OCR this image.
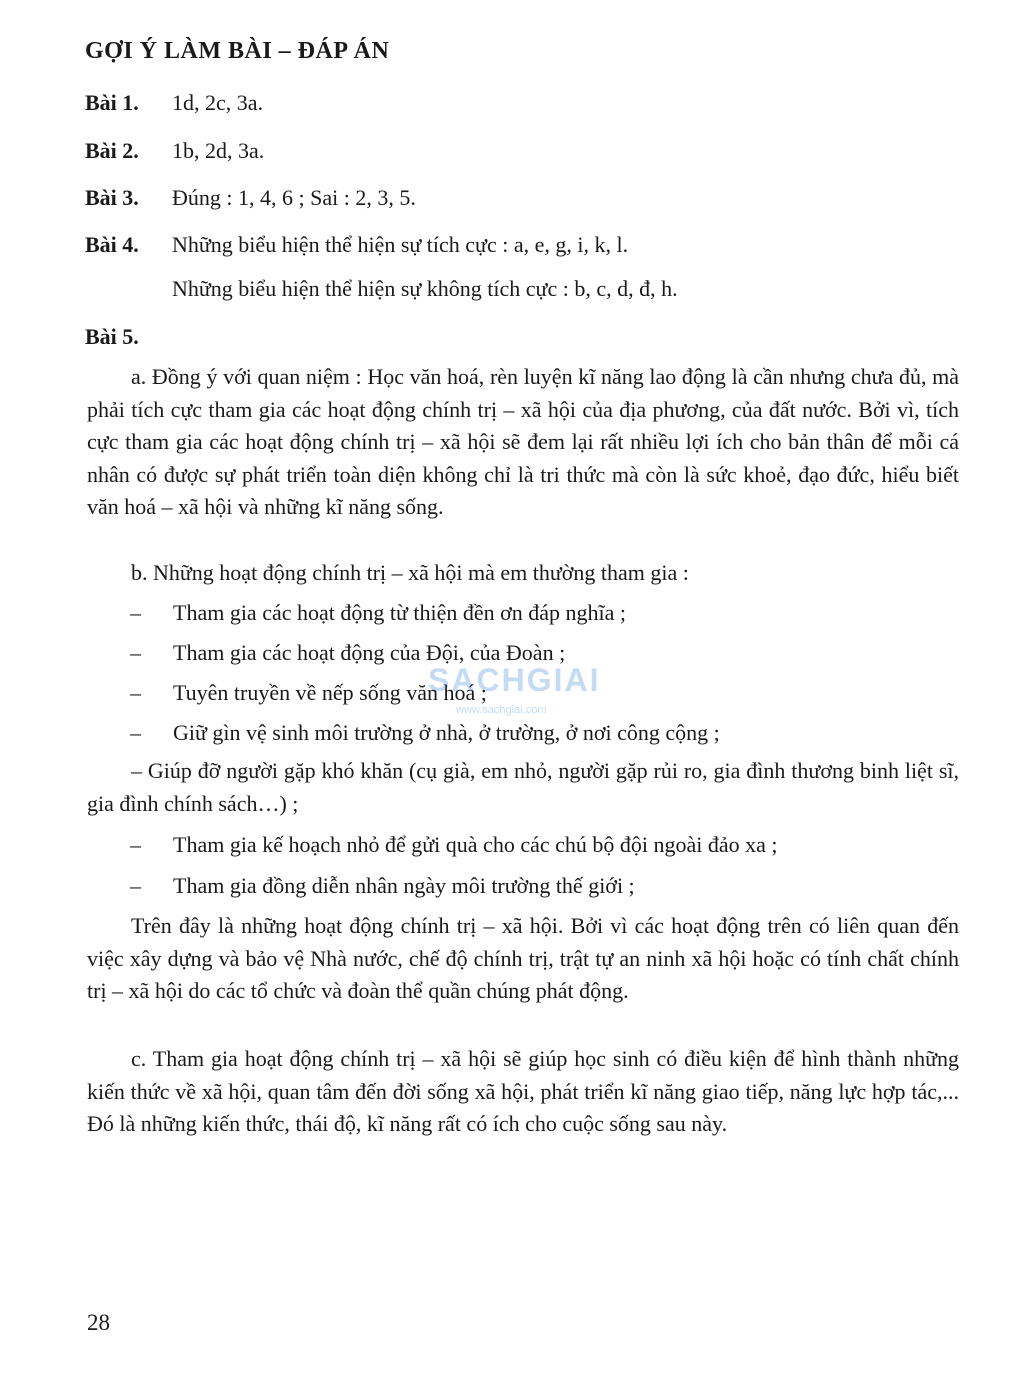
GỢI Ý LÀM BÀI – ĐÁP ÁN
Bài 1. 1d, 2c, 3a.
Bài 2. 1b, 2d, 3a.
Bài 3. Đúng : 1, 4, 6 ; Sai : 2, 3, 5.
Bài 4. Những biểu hiện thể hiện sự tích cực : a, e, g, i, k, l.
Những biểu hiện thể hiện sự không tích cực : b, c, d, đ, h.
Bài 5.

a. Đồng ý với quan niệm : Học văn hoá, rèn luyện kĩ năng lao động là cần nhưng chưa đủ, mà phải tích cực tham gia các hoạt động chính trị – xã hội của địa phương, của đất nước. Bởi vì, tích cực tham gia các hoạt động chính trị – xã hội sẽ đem lại rất nhiều lợi ích cho bản thân để mỗi cá nhân có được sự phát triển toàn diện không chỉ là tri thức mà còn là sức khoẻ, đạo đức, hiểu biết văn hoá – xã hội và những kĩ năng sống.

b. Những hoạt động chính trị – xã hội mà em thường tham gia :
– Tham gia các hoạt động từ thiện đền ơn đáp nghĩa ;
– Tham gia các hoạt động của Đội, của Đoàn ;
– Tuyên truyền về nếp sống văn hoá ;
– Giữ gìn vệ sinh môi trường ở nhà, ở trường, ở nơi công cộng ;

– Giúp đỡ người gặp khó khăn (cụ già, em nhỏ, người gặp rủi ro, gia đình thương binh liệt sĩ, gia đình chính sách…) ;

– Tham gia kế hoạch nhỏ để gửi quà cho các chú bộ đội ngoài đảo xa ;
– Tham gia đồng diễn nhân ngày môi trường thế giới ;

Trên đây là những hoạt động chính trị – xã hội. Bởi vì các hoạt động trên có liên quan đến việc xây dựng và bảo vệ Nhà nước, chế độ chính trị, trật tự an ninh xã hội hoặc có tính chất chính trị – xã hội do các tổ chức và đoàn thể quần chúng phát động.

c. Tham gia hoạt động chính trị – xã hội sẽ giúp học sinh có điều kiện để hình thành những kiến thức về xã hội, quan tâm đến đời sống xã hội, phát triển kĩ năng giao tiếp, năng lực hợp tác,... Đó là những kiến thức, thái độ, kĩ năng rất có ích cho cuộc sống sau này.

SACHGIAI
www.sachgiai.com
28
